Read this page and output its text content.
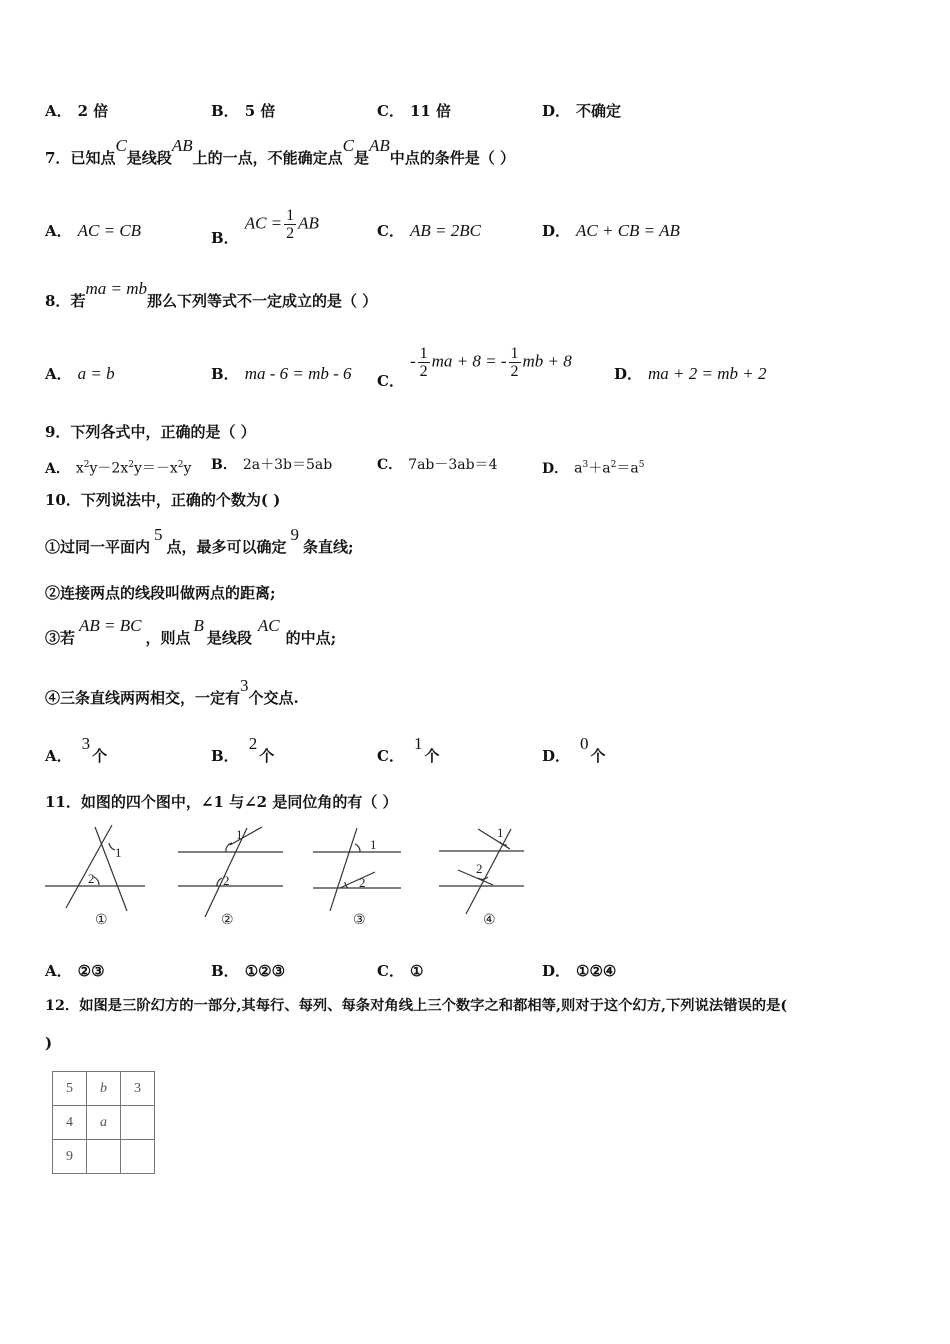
A． 2 倍	B． 5 倍	C． 11 倍	D． 不确定
7．已知点C是线段AB上的一点，不能确定点C是AB中点的条件是（ ）
A． AC = CB	B．AC = $\frac{1}{2}$ AB	C． AB = 2BC	D． AC + CB = AB
8．若ma = mb那么下列等式不一定成立的是（ ）
A． a = b	B． ma - 6 = mb - 6 C．- $\frac{1}{2}$ ma + 8 = - $\frac{1}{2}$ mb + 8
D． ma + 2 = mb + 2
9．下列各式中，正确的是（ ）
A． $x^2y-2x^2y=-x^2y$ B． 2a＋3b＝5ab	C． 7ab－3ab＝4	D． $a^3+a^2=a^5$
10．下列说法中，正确的个数为( )
①过同一平面内5点，最多可以确定9条直线;
②连接两点的线段叫做两点的距离;
③若AB = BC，则点B是线段AC的中点;
④三条直线两两相交，一定有3个交点.
A．3个	B．2个	C．1个	D．0个
11．如图的四个图中，∠1 与∠2 是同位角的有（ ）
1
2
1
2
1
2
1
2
①	②	③	④
A． ②③	B． ①②③	C． ①	D． ①②④
12．如图是三阶幻方的一部分,其每行、每列、每条对角线上三个数字之和都相等,则对于这个幻方,下列说法错误的是(
)
5	b	3
4	a	
9		
